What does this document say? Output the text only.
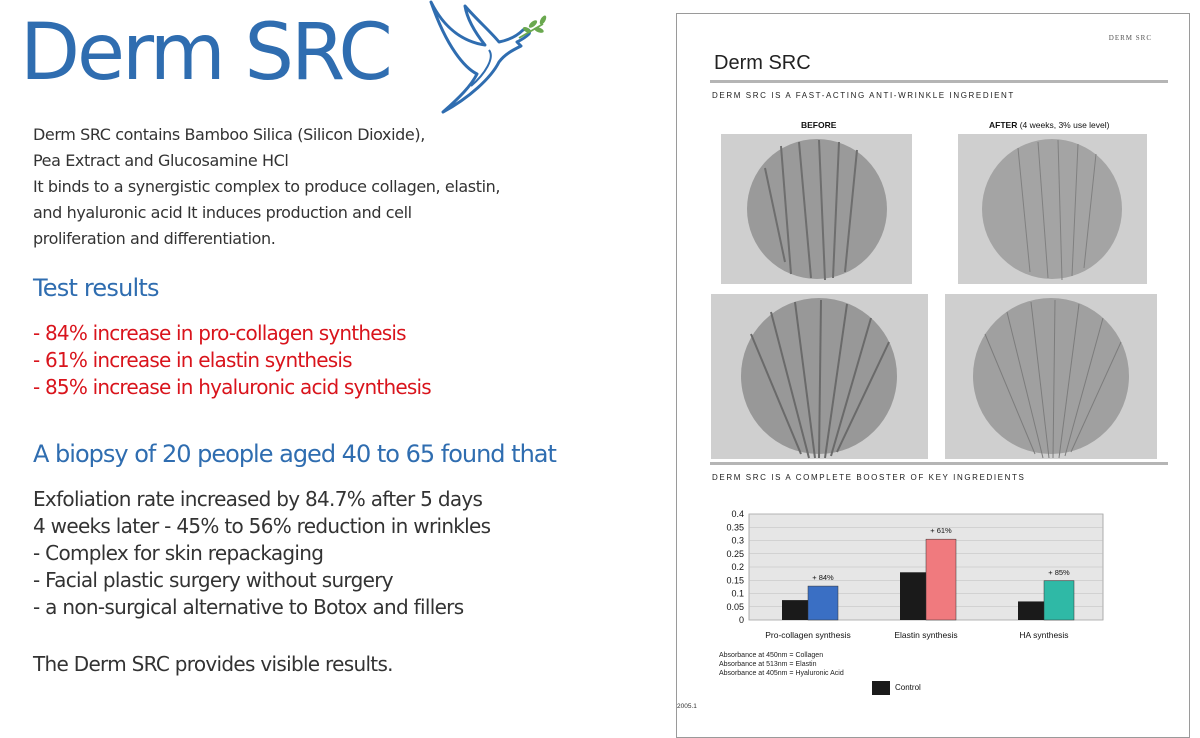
Derm SRC
Derm SRC contains Bamboo Silica (Silicon Dioxide),
Pea Extract and Glucosamine HCl
It binds to a synergistic complex to produce collagen, elastin,
and hyaluronic acid It induces production and cell
proliferation and differentiation.
Test results
- 84% increase in pro-collagen synthesis
- 61% increase in elastin synthesis
- 85% increase in hyaluronic acid synthesis
A biopsy of 20 people aged 40 to 65 found that
Exfoliation rate increased by 84.7% after 5 days
4 weeks later - 45% to 56% reduction in wrinkles
- Complex for skin repackaging
- Facial plastic surgery without surgery
- a non-surgical alternative to Botox and fillers
The Derm SRC provides visible results.
DERM SRC
Derm SRC
DERM SRC IS A FAST-ACTING ANTI-WRINKLE INGREDIENT
BEFORE	AFTER (4 weeks, 3% use level)
DERM SRC IS A COMPLETE BOOSTER OF KEY INGREDIENTS
0.4
0.35
0.3
0.25
0.2
0.15
0.1
0.05
0
+ 84%
Pro-collagen synthesis
+ 61%
Elastin synthesis
+ 85%
HA synthesis
Absorbance at 450nm = Collagen
Absorbance at 513nm = Elastin
Absorbance at 405nm = Hyaluronic Acid
Control
2005.1
